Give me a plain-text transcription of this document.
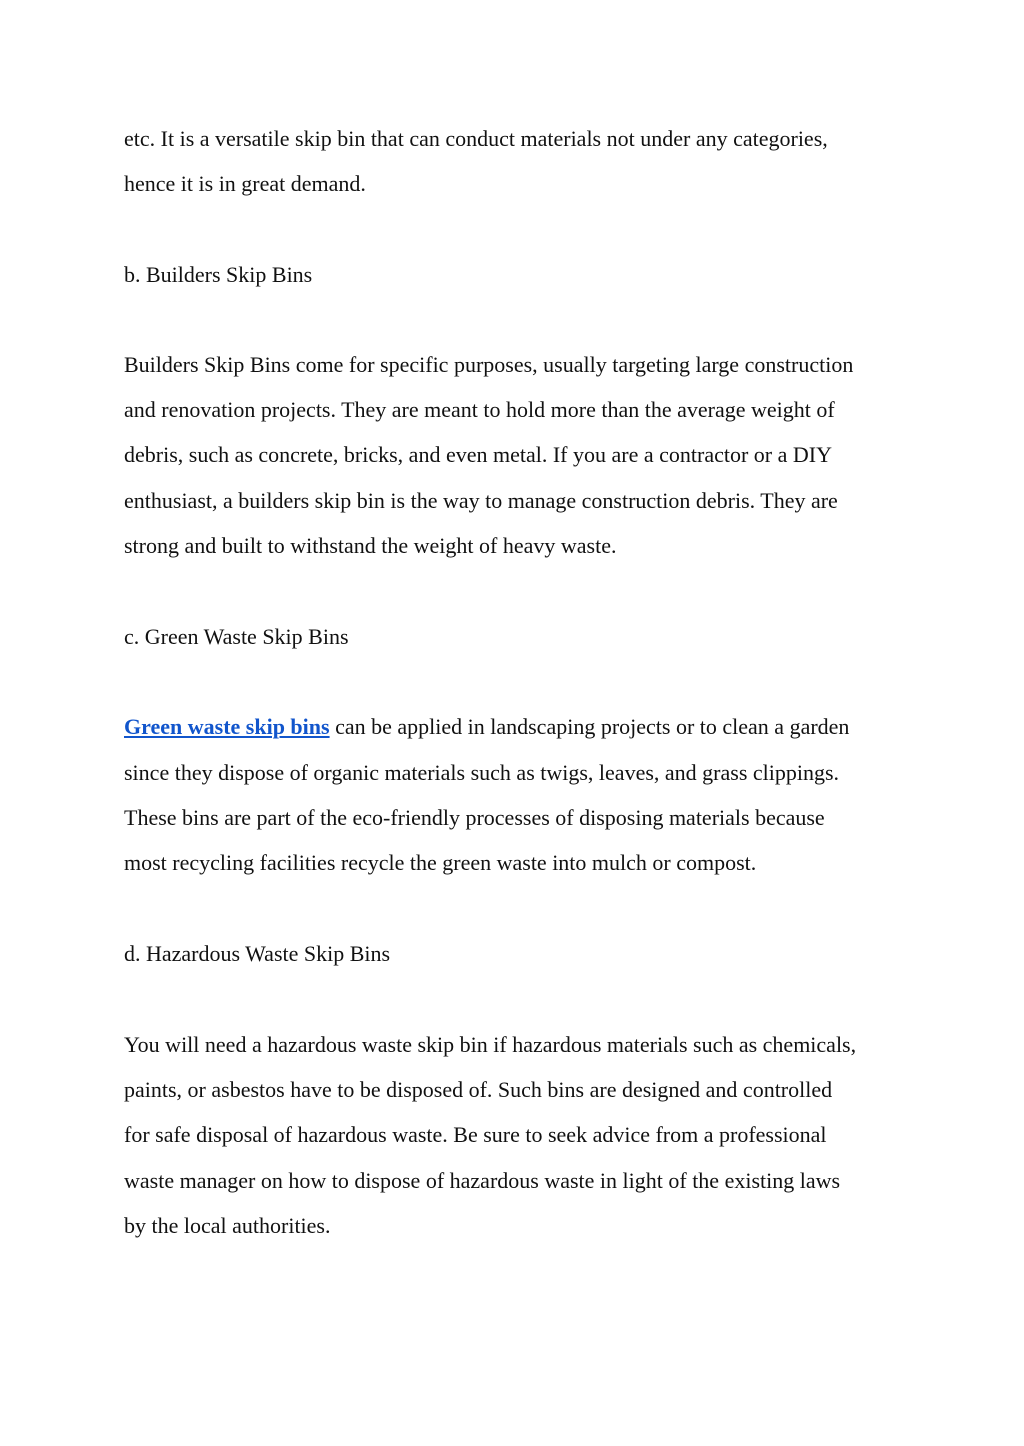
etc. It is a versatile skip bin that can conduct materials not under any categories,
hence it is in great demand.
b. Builders Skip Bins
Builders Skip Bins come for specific purposes, usually targeting large construction
and renovation projects. They are meant to hold more than the average weight of
debris, such as concrete, bricks, and even metal. If you are a contractor or a DIY
enthusiast, a builders skip bin is the way to manage construction debris. They are
strong and built to withstand the weight of heavy waste.
c. Green Waste Skip Bins
Green waste skip bins can be applied in landscaping projects or to clean a garden
since they dispose of organic materials such as twigs, leaves, and grass clippings.
These bins are part of the eco-friendly processes of disposing materials because
most recycling facilities recycle the green waste into mulch or compost.
d. Hazardous Waste Skip Bins
You will need a hazardous waste skip bin if hazardous materials such as chemicals,
paints, or asbestos have to be disposed of. Such bins are designed and controlled
for safe disposal of hazardous waste. Be sure to seek advice from a professional
waste manager on how to dispose of hazardous waste in light of the existing laws
by the local authorities.
